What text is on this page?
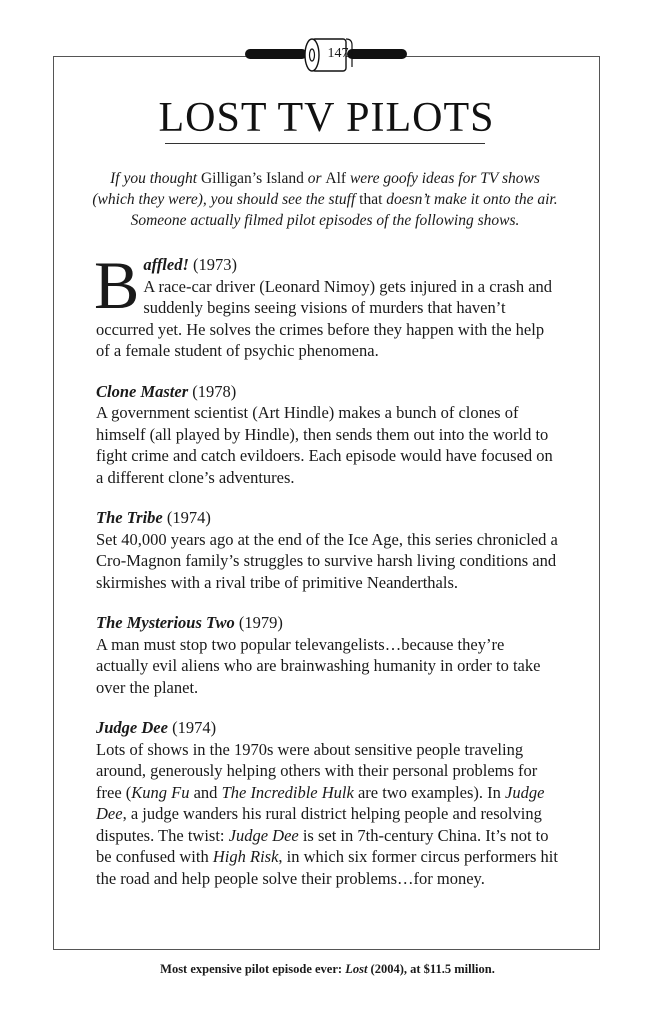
147
LOST TV PILOTS
If you thought Gilligan’s Island or Alf were goofy ideas for TV shows (which they were), you should see the stuff that doesn’t make it onto the air. Someone actually filmed pilot episodes of the following shows.
B affled! (1973)
A race-car driver (Leonard Nimoy) gets injured in a crash and suddenly begins seeing visions of murders that haven’t occurred yet. He solves the crimes before they happen with the help of a female student of psychic phenomena.

Clone Master (1978)
A government scientist (Art Hindle) makes a bunch of clones of himself (all played by Hindle), then sends them out into the world to fight crime and catch evildoers. Each episode would have focused on a different clone’s adventures.

The Tribe (1974)
Set 40,000 years ago at the end of the Ice Age, this series chronicled a Cro-Magnon family’s struggles to survive harsh living conditions and skirmishes with a rival tribe of primitive Neanderthals.

The Mysterious Two (1979)
A man must stop two popular televangelists…because they’re actually evil aliens who are brainwashing humanity in order to take over the planet.

Judge Dee (1974)
Lots of shows in the 1970s were about sensitive people traveling around, generously helping others with their personal problems for free (Kung Fu and The Incredible Hulk are two examples). In Judge Dee, a judge wanders his rural district helping people and resolving disputes. The twist: Judge Dee is set in 7th-century China. It’s not to be confused with High Risk, in which six former circus performers hit the road and help people solve their problems…for money.

Most expensive pilot episode ever: Lost (2004), at $11.5 million.
